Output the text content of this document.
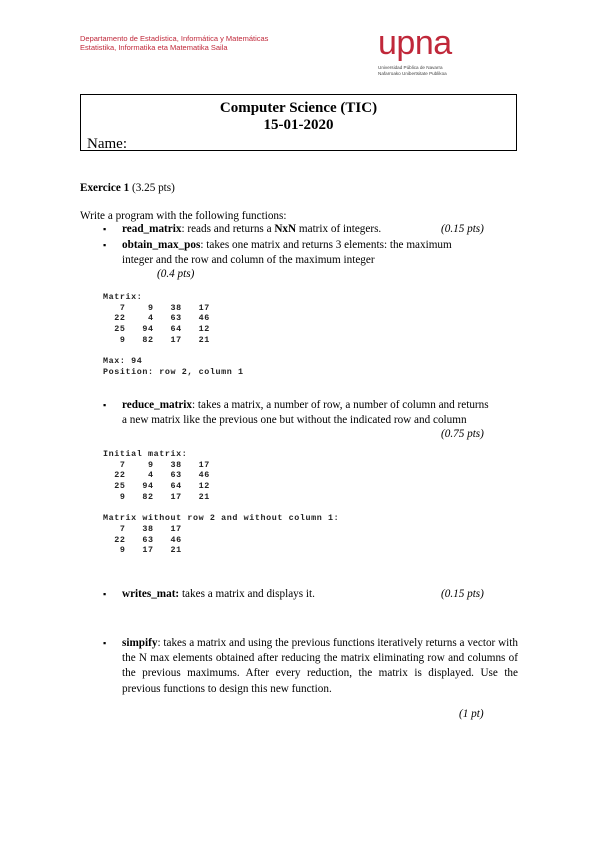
Departamento de Estadística, Informática y Matemáticas
Estatistika, Informatika eta Matematika Saila	upna
Universidad Pública de Navarra
Nafarroako Unibertsitate Publikoa
Computer Science (TIC)
15-01-2020
Name:
Exercice 1 (3.25 pts)
Write a program with the following functions:
▪ read_matrix: reads and returns a NxN matrix of integers.	(0.15 pts)
▪ obtain_max_pos: takes one matrix and returns 3 elements: the maximum
integer and the row and column of the maximum integer
(0.4 pts)
Matrix:
7    9   38   17
22    4   63   46
25   94   64   12
9   82   17   21

Max: 94
Position: row 2, column 1
▪ reduce_matrix: takes a matrix, a number of row, a number of column and returns
a new matrix like the previous one but without the indicated row and column
(0.75 pts)
Initial matrix:
7    9   38   17
22    4   63   46
25   94   64   12
9   82   17   21

Matrix without row 2 and without column 1:
7   38   17
22   63   46
9   17   21
▪ writes_mat: takes a matrix and displays it.	(0.15 pts)
▪ simpify: takes a matrix and using the previous functions iteratively returns a vector with the N max elements obtained after reducing the matrix eliminating row and columns of the previous maximums. After every reduction, the matrix is displayed. Use the previous functions to design this new function.
(1 pt)
